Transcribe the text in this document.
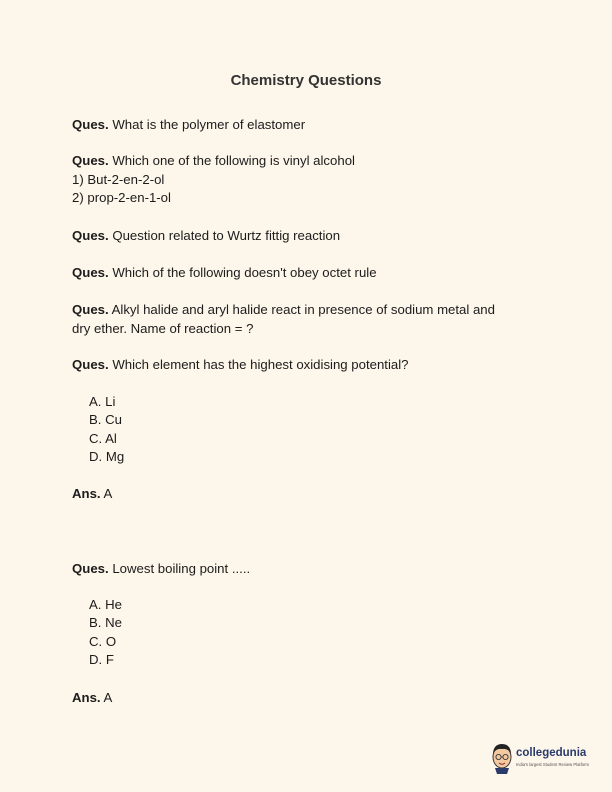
Chemistry Questions
Ques. What is the polymer of elastomer
Ques. Which one of the following is vinyl alcohol
1) But-2-en-2-ol
2) prop-2-en-1-ol
Ques. Question related to Wurtz fittig reaction
Ques. Which of the following doesn't obey octet rule
Ques. Alkyl halide and aryl halide react in presence of sodium metal and
dry ether. Name of reaction = ?
Ques. Which element has the highest oxidising potential?
A. Li
B. Cu
C. Al
D. Mg
Ans. A
Ques. Lowest boiling point .....
A. He
B. Ne
C. O
D. F
Ans. A
collegedunia
India's largest Student Review Platform
